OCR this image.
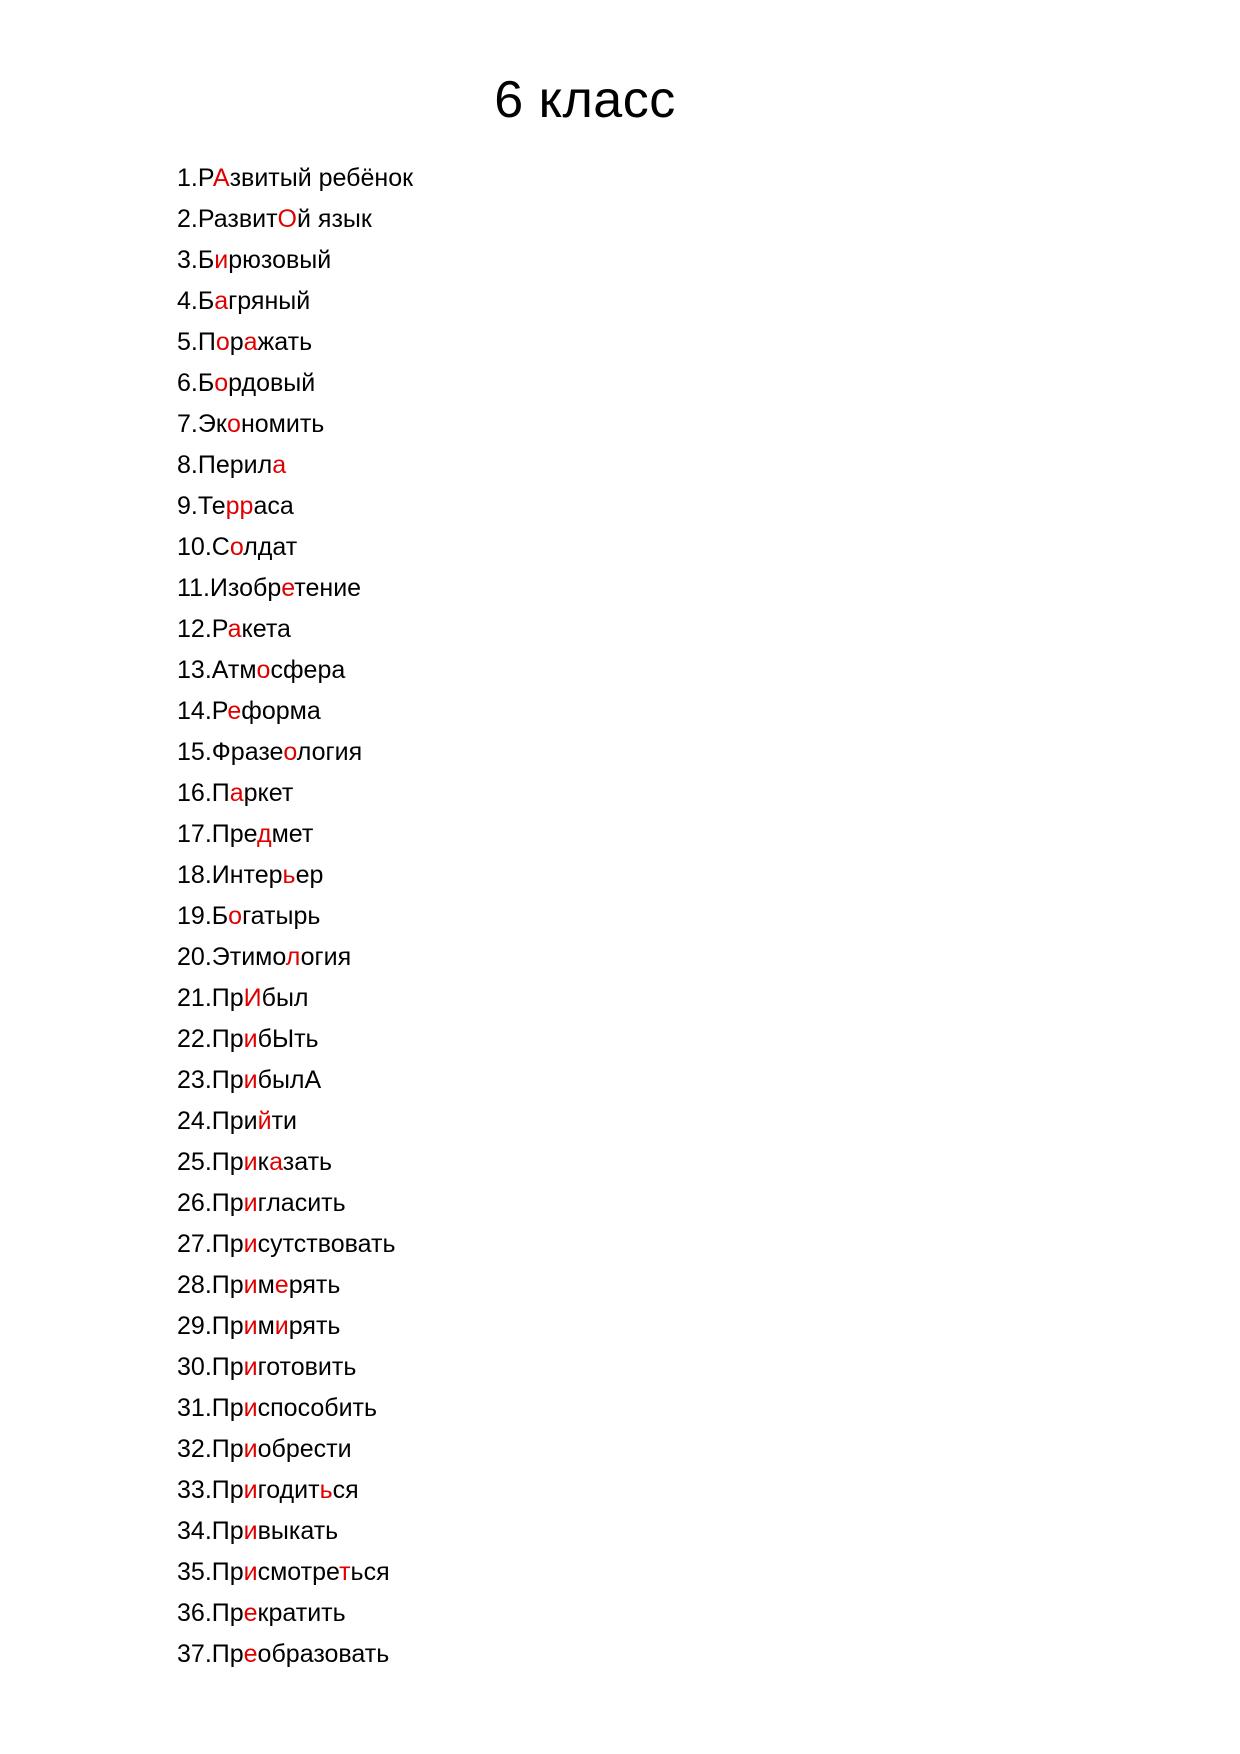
6 класс
1.РАзвитый ребёнок
2.РазвитОй язык
3.Бирюзовый
4.Багряный
5.Поражать
6.Бордовый
7.Экономить
8.Перила
9.Терраса
10.Солдат
11.Изобретение
12.Ракета
13.Атмосфера
14.Реформа
15.Фразеология
16.Паркет
17.Предмет
18.Интерьер
19.Богатырь
20.Этимология
21.ПрИбыл
22.ПрибЫть
23.ПрибылА
24.Прийти
25.Приказать
26.Пригласить
27.Присутствовать
28.Примерять
29.Примирять
30.Приготовить
31.Приспособить
32.Приобрести
33.Пригодиться
34.Привыкать
35.Присмотреться
36.Прекратить
37.Преобразовать
